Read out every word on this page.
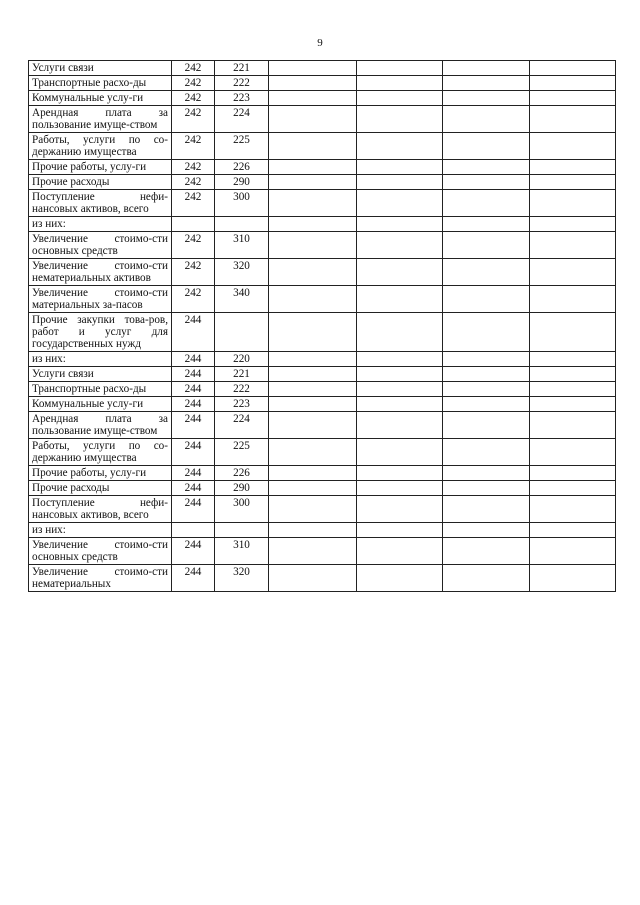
9
Услуги связи	242	221				
Транспортные расхо-ды	242	222				
Коммунальные услу-ги	242	223				
Арендная плата за пользование имуще-ством	242	224				
Работы, услуги по со-держанию имущества	242	225				
Прочие работы, услу-ги	242	226				
Прочие расходы	242	290				
Поступление нефи-нансовых активов, всего	242	300				
из них:						
Увеличение стоимо-сти основных средств	242	310				
Увеличение стоимо-сти нематериальных активов	242	320				
Увеличение стоимо-сти материальных за-пасов	242	340				
Прочие закупки това-ров, работ и услуг для государственных нужд	244					
из них:	244	220				
Услуги связи	244	221				
Транспортные расхо-ды	244	222				
Коммунальные услу-ги	244	223				
Арендная плата за пользование имуще-ством	244	224				
Работы, услуги по со-держанию имущества	244	225				
Прочие работы, услу-ги	244	226				
Прочие расходы	244	290				
Поступление нефи-нансовых активов, всего	244	300				
из них:						
Увеличение стоимо-сти основных средств	244	310				
Увеличение стоимо-сти нематериальных	244	320				
